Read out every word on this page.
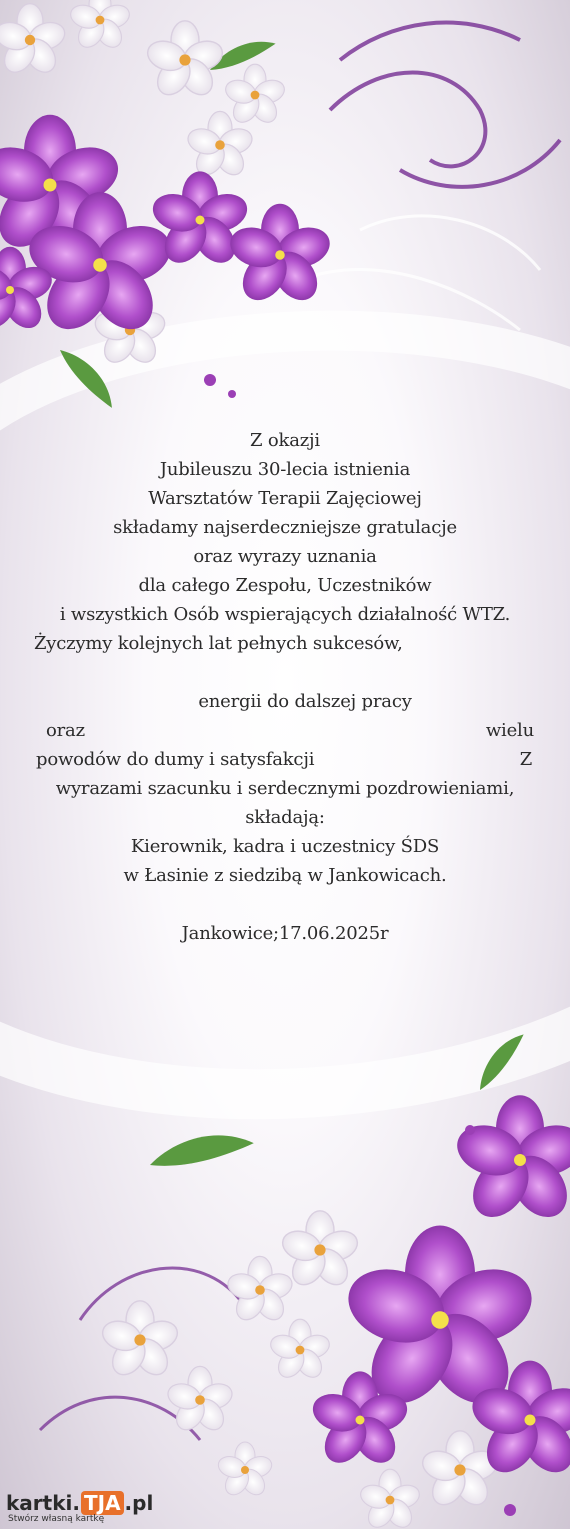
Z okazji
Jubileuszu 30-lecia istnienia
Warsztatów Terapii Zajęciowej
składamy najserdeczniejsze gratulacje
oraz wyrazy uznania
dla całego Zespołu, Uczestników
i wszystkich Osób wspierających działalność WTZ.
Życzymy kolejnych lat pełnych sukcesów,
energii do dalszej pracy
oraz	wielu
powodów do dumy i satysfakcji	Z
wyrazami szacunku i serdecznymi pozdrowieniami,
składają:
Kierownik, kadra i uczestnicy ŚDS
w Łasinie z siedzibą w Jankowicach.
Jankowice;17.06.2025r
kartki. TJA .pl
Stwórz własną kartkę
